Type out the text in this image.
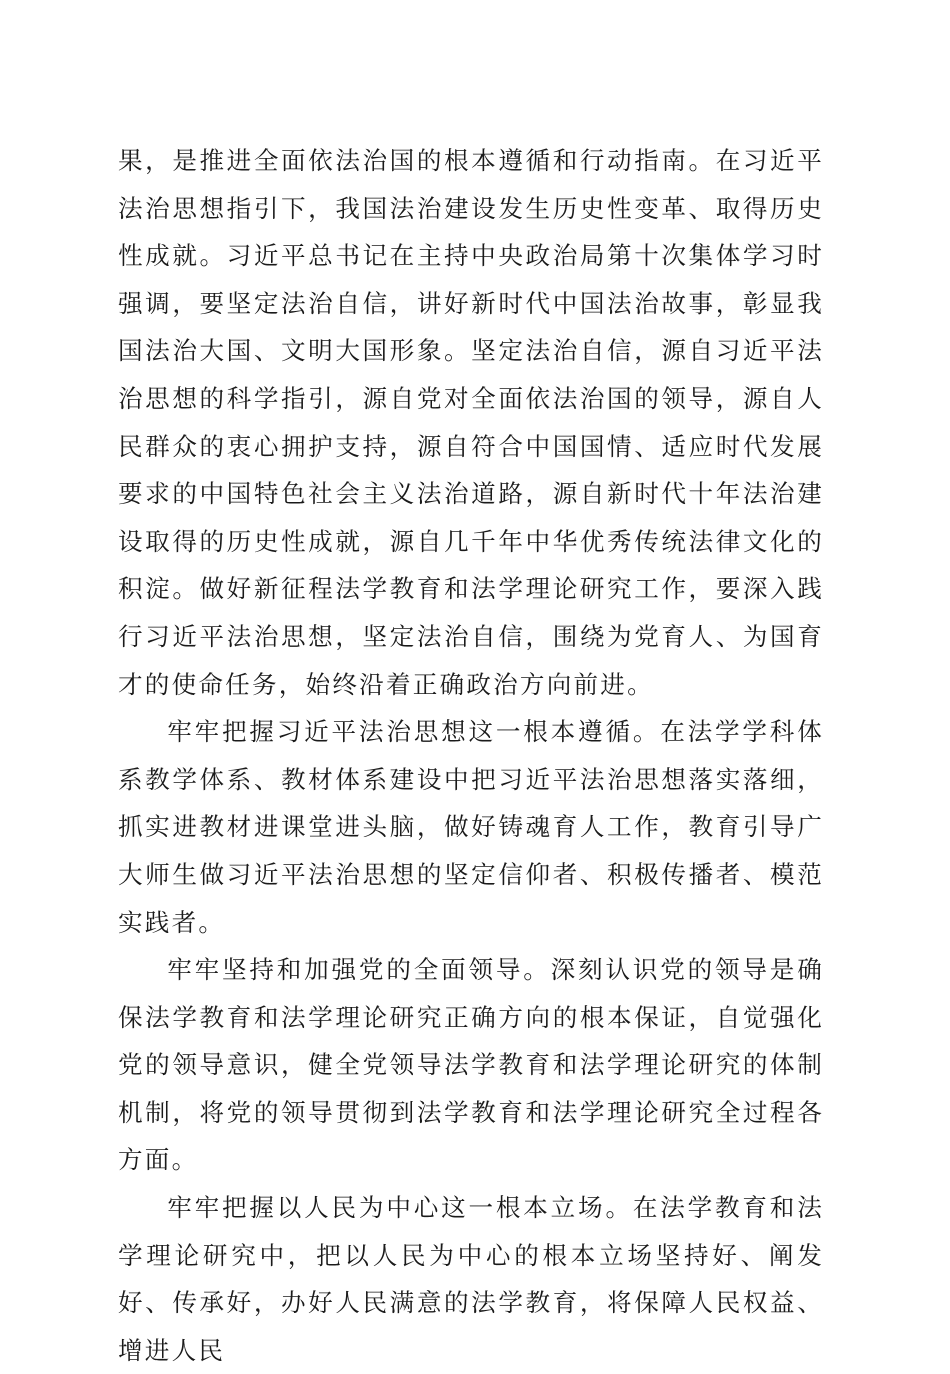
果，是推进全面依法治国的根本遵循和行动指南。在习近平法治思想指引下，我国法治建设发生历史性变革、取得历史性成就。习近平总书记在主持中央政治局第十次集体学习时强调，要坚定法治自信，讲好新时代中国法治故事，彰显我国法治大国、文明大国形象。坚定法治自信，源自习近平法治思想的科学指引，源自党对全面依法治国的领导，源自人民群众的衷心拥护支持，源自符合中国国情、适应时代发展要求的中国特色社会主义法治道路，源自新时代十年法治建设取得的历史性成就，源自几千年中华优秀传统法律文化的积淀。做好新征程法学教育和法学理论研究工作，要深入践行习近平法治思想，坚定法治自信，围绕为党育人、为国育才的使命任务，始终沿着正确政治方向前进。

牢牢把握习近平法治思想这一根本遵循。在法学学科体系教学体系、教材体系建设中把习近平法治思想落实落细，抓实进教材进课堂进头脑，做好铸魂育人工作，教育引导广大师生做习近平法治思想的坚定信仰者、积极传播者、模范实践者。

牢牢坚持和加强党的全面领导。深刻认识党的领导是确保法学教育和法学理论研究正确方向的根本保证，自觉强化党的领导意识，健全党领导法学教育和法学理论研究的体制机制，将党的领导贯彻到法学教育和法学理论研究全过程各方面。

牢牢把握以人民为中心这一根本立场。在法学教育和法学理论研究中，把以人民为中心的根本立场坚持好、阐发好、传承好，办好人民满意的法学教育，将保障人民权益、增进人民
